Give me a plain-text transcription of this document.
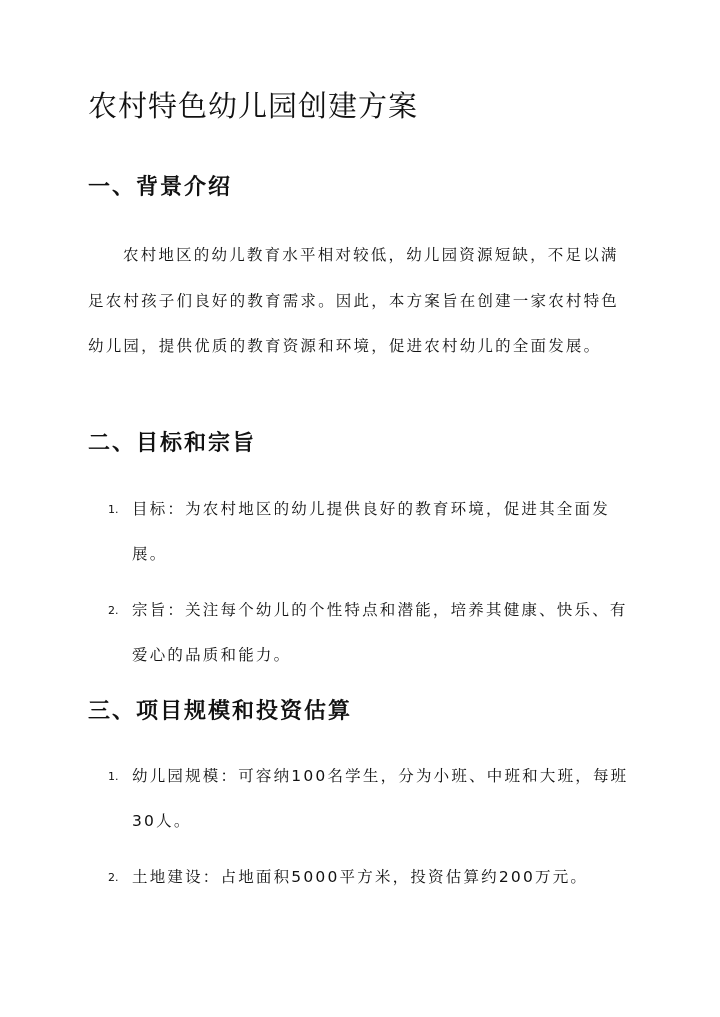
农村特色幼儿园创建方案
一、背景介绍

农村地区的幼儿教育水平相对较低，幼儿园资源短缺，不足以满足农村孩子们良好的教育需求。因此，本方案旨在创建一家农村特色幼儿园，提供优质的教育资源和环境，促进农村幼儿的全面发展。

二、目标和宗旨
1. 目标：为农村地区的幼儿提供良好的教育环境，促进其全面发展。

2. 宗旨：关注每个幼儿的个性特点和潜能，培养其健康、快乐、有爱心的品质和能力。

三、项目规模和投资估算
1. 幼儿园规模：可容纳100名学生，分为小班、中班和大班，每班30人。

2. 土地建设：占地面积5000平方米，投资估算约200万元。
